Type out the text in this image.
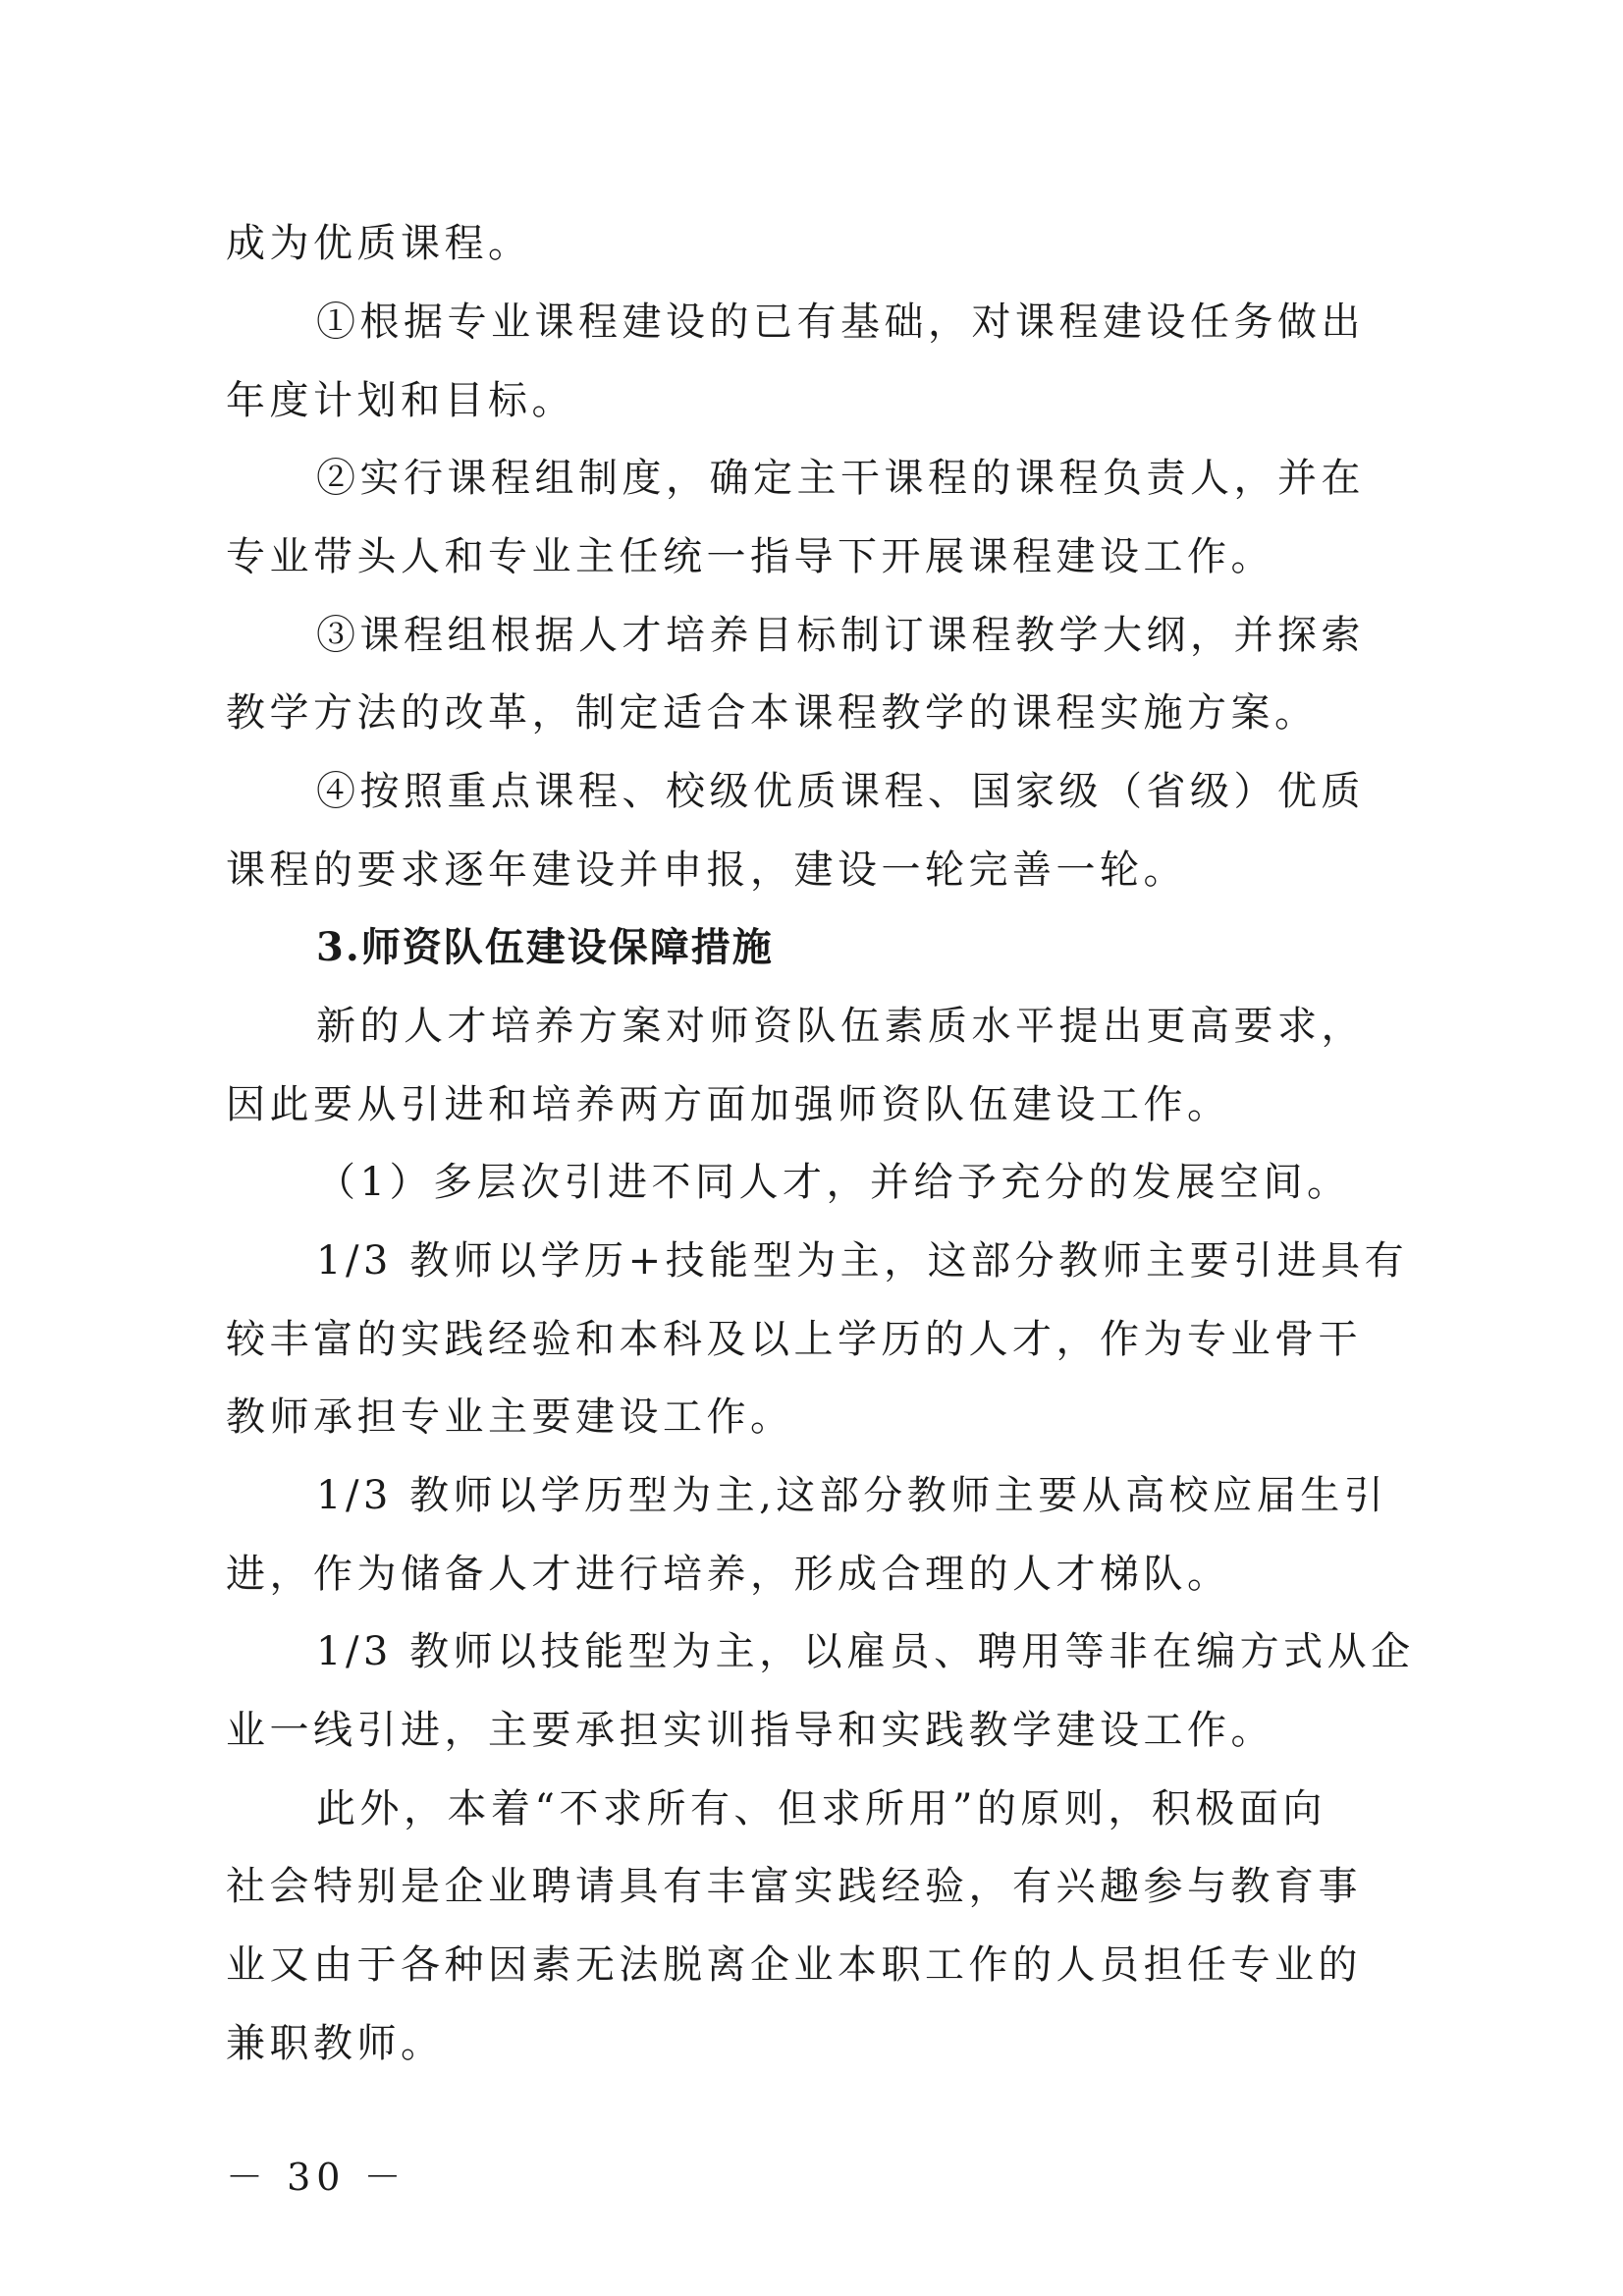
成为优质课程。
①根据专业课程建设的已有基础，对课程建设任务做出
年度计划和目标。
②实行课程组制度，确定主干课程的课程负责人，并在
专业带头人和专业主任统一指导下开展课程建设工作。
③课程组根据人才培养目标制订课程教学大纲，并探索
教学方法的改革，制定适合本课程教学的课程实施方案。
④按照重点课程、校级优质课程、国家级（省级）优质
课程的要求逐年建设并申报，建设一轮完善一轮。
3.师资队伍建设保障措施
新的人才培养方案对师资队伍素质水平提出更高要求，
因此要从引进和培养两方面加强师资队伍建设工作。
（1）多层次引进不同人才，并给予充分的发展空间。
1/3 教师以学历+技能型为主，这部分教师主要引进具有
较丰富的实践经验和本科及以上学历的人才，作为专业骨干
教师承担专业主要建设工作。
1/3 教师以学历型为主,这部分教师主要从高校应届生引
进，作为储备人才进行培养，形成合理的人才梯队。
1/3 教师以技能型为主，以雇员、聘用等非在编方式从企
业一线引进，主要承担实训指导和实践教学建设工作。
此外，本着“不求所有、但求所用”的原则，积极面向
社会特别是企业聘请具有丰富实践经验，有兴趣参与教育事
业又由于各种因素无法脱离企业本职工作的人员担任专业的
兼职教师。
－ 30 －
